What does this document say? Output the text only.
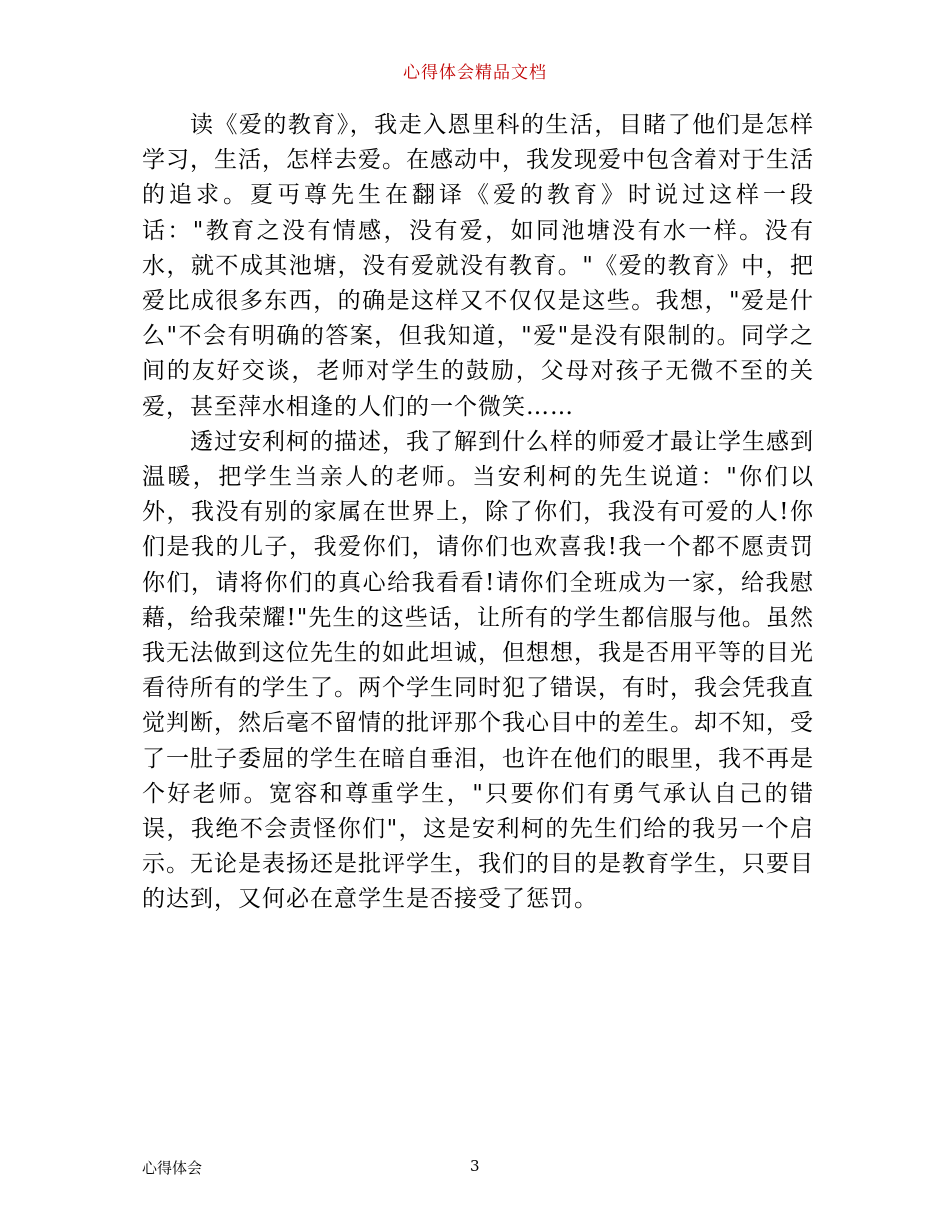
心得体会精品文档

读《爱的教育》，我走入恩里科的生活，目睹了他们是怎样学习，生活，怎样去爱。在感动中，我发现爱中包含着对于生活的追求。夏丏尊先生在翻译《爱的教育》时说过这样一段话："教育之没有情感，没有爱，如同池塘没有水一样。没有水，就不成其池塘，没有爱就没有教育。"《爱的教育》中，把爱比成很多东西，的确是这样又不仅仅是这些。我想，"爱是什么"不会有明确的答案，但我知道，"爱"是没有限制的。同学之间的友好交谈，老师对学生的鼓励，父母对孩子无微不至的关爱，甚至萍水相逢的人们的一个微笑……

透过安利柯的描述，我了解到什么样的师爱才最让学生感到温暖，把学生当亲人的老师。当安利柯的先生说道："你们以外，我没有别的家属在世界上，除了你们，我没有可爱的人!你们是我的儿子，我爱你们，请你们也欢喜我!我一个都不愿责罚你们，请将你们的真心给我看看!请你们全班成为一家，给我慰藉，给我荣耀!"先生的这些话，让所有的学生都信服与他。虽然我无法做到这位先生的如此坦诚，但想想，我是否用平等的目光看待所有的学生了。两个学生同时犯了错误，有时，我会凭我直觉判断，然后毫不留情的批评那个我心目中的差生。却不知，受了一肚子委屈的学生在暗自垂泪，也许在他们的眼里，我不再是个好老师。宽容和尊重学生，"只要你们有勇气承认自己的错误，我绝不会责怪你们"，这是安利柯的先生们给的我另一个启示。无论是表扬还是批评学生，我们的目的是教育学生，只要目的达到，又何必在意学生是否接受了惩罚。

心得体会	3
